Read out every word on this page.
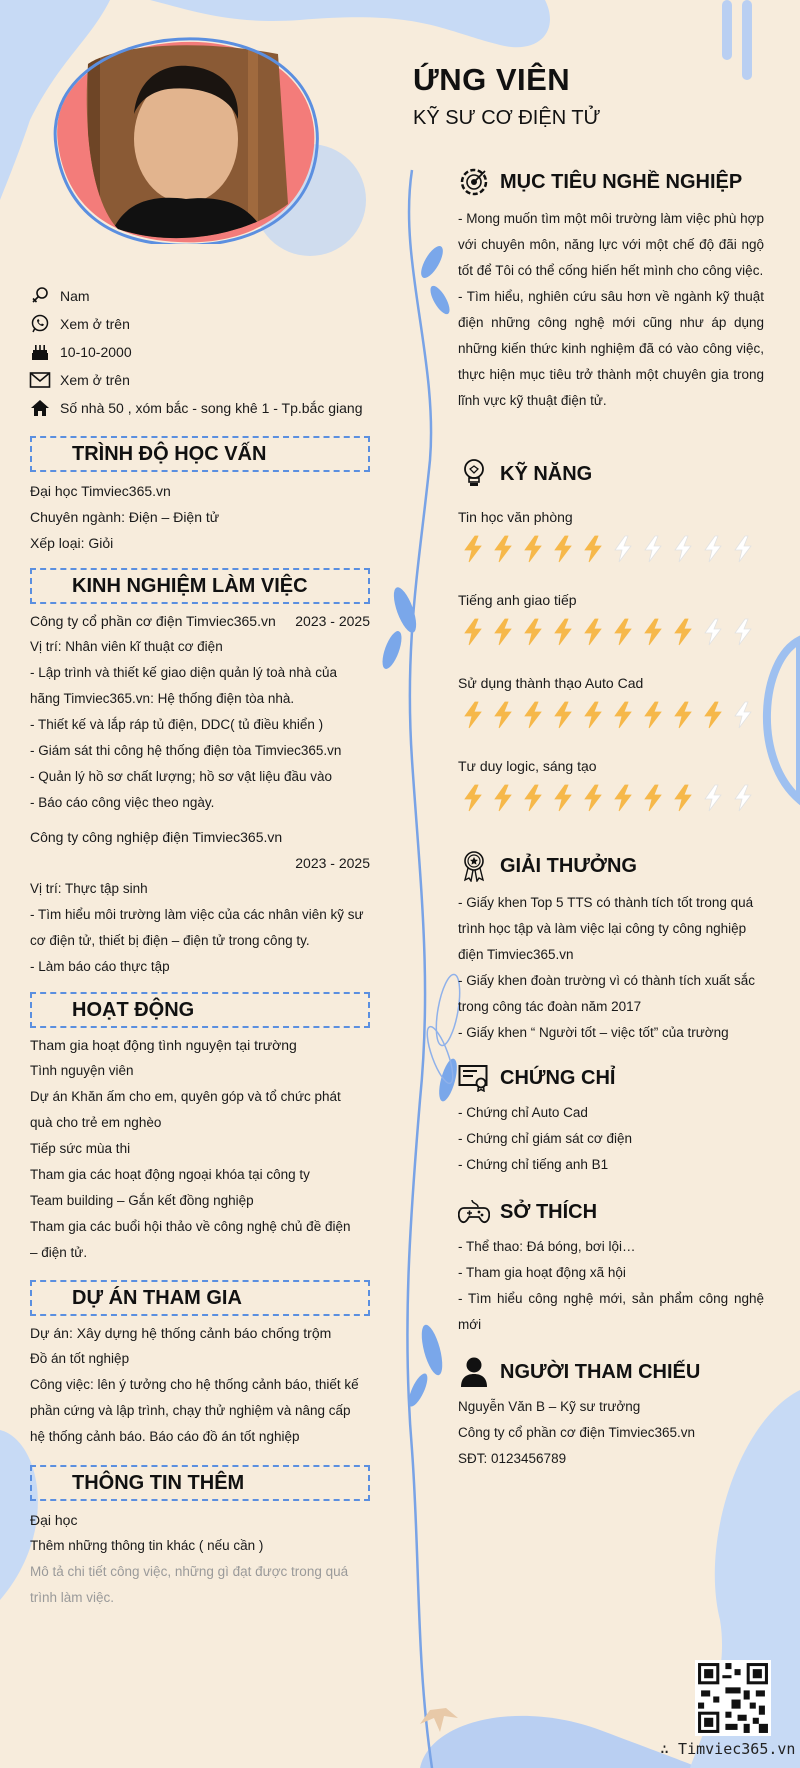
ỨNG VIÊN
KỸ SƯ CƠ ĐIỆN TỬ
Nam
Xem ở trên
10-10-2000
Xem ở trên
Số nhà 50 , xóm bắc - song khê 1 - Tp.bắc giang
TRÌNH ĐỘ HỌC VẤN
Đại học Timviec365.vn
Chuyên ngành: Điện – Điện tử
Xếp loại: Giỏi
KINH NGHIỆM LÀM VIỆC
Công ty cổ phần cơ điện Timviec365.vn 2023 - 2025
Vị trí: Nhân viên kĩ thuật cơ điện
- Lập trình và thiết kế giao diện quản lý toà nhà của
hãng Timviec365.vn: Hệ thống điện tòa nhà.
- Thiết kế và lắp ráp tủ điện, DDC( tủ điều khiển )
- Giám sát thi công hệ thống điện tòa Timviec365.vn
- Quản lý hồ sơ chất lượng; hồ sơ vật liệu đầu vào
- Báo cáo công việc theo ngày.
Công ty công nghiệp điện Timviec365.vn
2023 - 2025
Vị trí: Thực tập sinh
- Tìm hiểu môi trường làm việc của các nhân viên kỹ sư
cơ điện tử, thiết bị điện – điện tử trong công ty.
- Làm báo cáo thực tập
HOẠT ĐỘNG
Tham gia hoạt động tình nguyện tại trường
Tình nguyện viên
Dự án Khăn ấm cho em, quyên góp và tổ chức phát
quà cho trẻ em nghèo
Tiếp sức mùa thi
Tham gia các hoạt động ngoại khóa tại công ty
Team building – Gắn kết đồng nghiệp
Tham gia các buổi hội thảo về công nghệ chủ đề điện
– điện tử.
DỰ ÁN THAM GIA
Dự án: Xây dựng hệ thống cảnh báo chống trộm
Đồ án tốt nghiệp
Công việc: lên ý tưởng cho hệ thống cảnh báo, thiết kế
phần cứng và lập trình, chạy thử nghiệm và nâng cấp
hệ thống cảnh báo. Báo cáo đồ án tốt nghiệp
THÔNG TIN THÊM
Đại học
Thêm những thông tin khác ( nếu cần )
Mô tả chi tiết công việc, những gì đạt được trong quá
trình làm việc.
MỤC TIÊU NGHỀ NGHIỆP
- Mong muốn tìm một môi trường làm việc phù hợp với chuyên môn, năng lực với một chế độ đãi ngộ tốt để Tôi có thể cống hiến hết mình cho công việc.
- Tìm hiểu, nghiên cứu sâu hơn về ngành kỹ thuật điện những công nghệ mới cũng như áp dụng những kiến thức kinh nghiệm đã có vào công việc, thực hiện mục tiêu trở thành một chuyên gia trong lĩnh vực kỹ thuật điện tử.
KỸ NĂNG
Tin học văn phòng
Tiếng anh giao tiếp
Sử dụng thành thạo Auto Cad
Tư duy logic, sáng tạo
GIẢI THƯỞNG
- Giấy khen Top 5 TTS có thành tích tốt trong quá
trình học tập và làm việc lại công ty công nghiệp
điện Timviec365.vn
- Giấy khen đoàn trường vì có thành tích xuất sắc
trong công tác đoàn năm 2017
- Giấy khen “ Người tốt – việc tốt” của trường
CHỨNG CHỈ
- Chứng chỉ Auto Cad
- Chứng chỉ giám sát cơ điện
- Chứng chỉ tiếng anh B1
SỞ THÍCH
- Thể thao: Đá bóng, bơi lội…
- Tham gia hoạt động xã hội
- Tìm hiểu công nghệ mới, sản phẩm công nghệ mới
NGƯỜI THAM CHIẾU
Nguyễn Văn B – Kỹ sư trưởng
Công ty cổ phần cơ điện Timviec365.vn
SĐT: 0123456789
∴ Timviec365.vn
